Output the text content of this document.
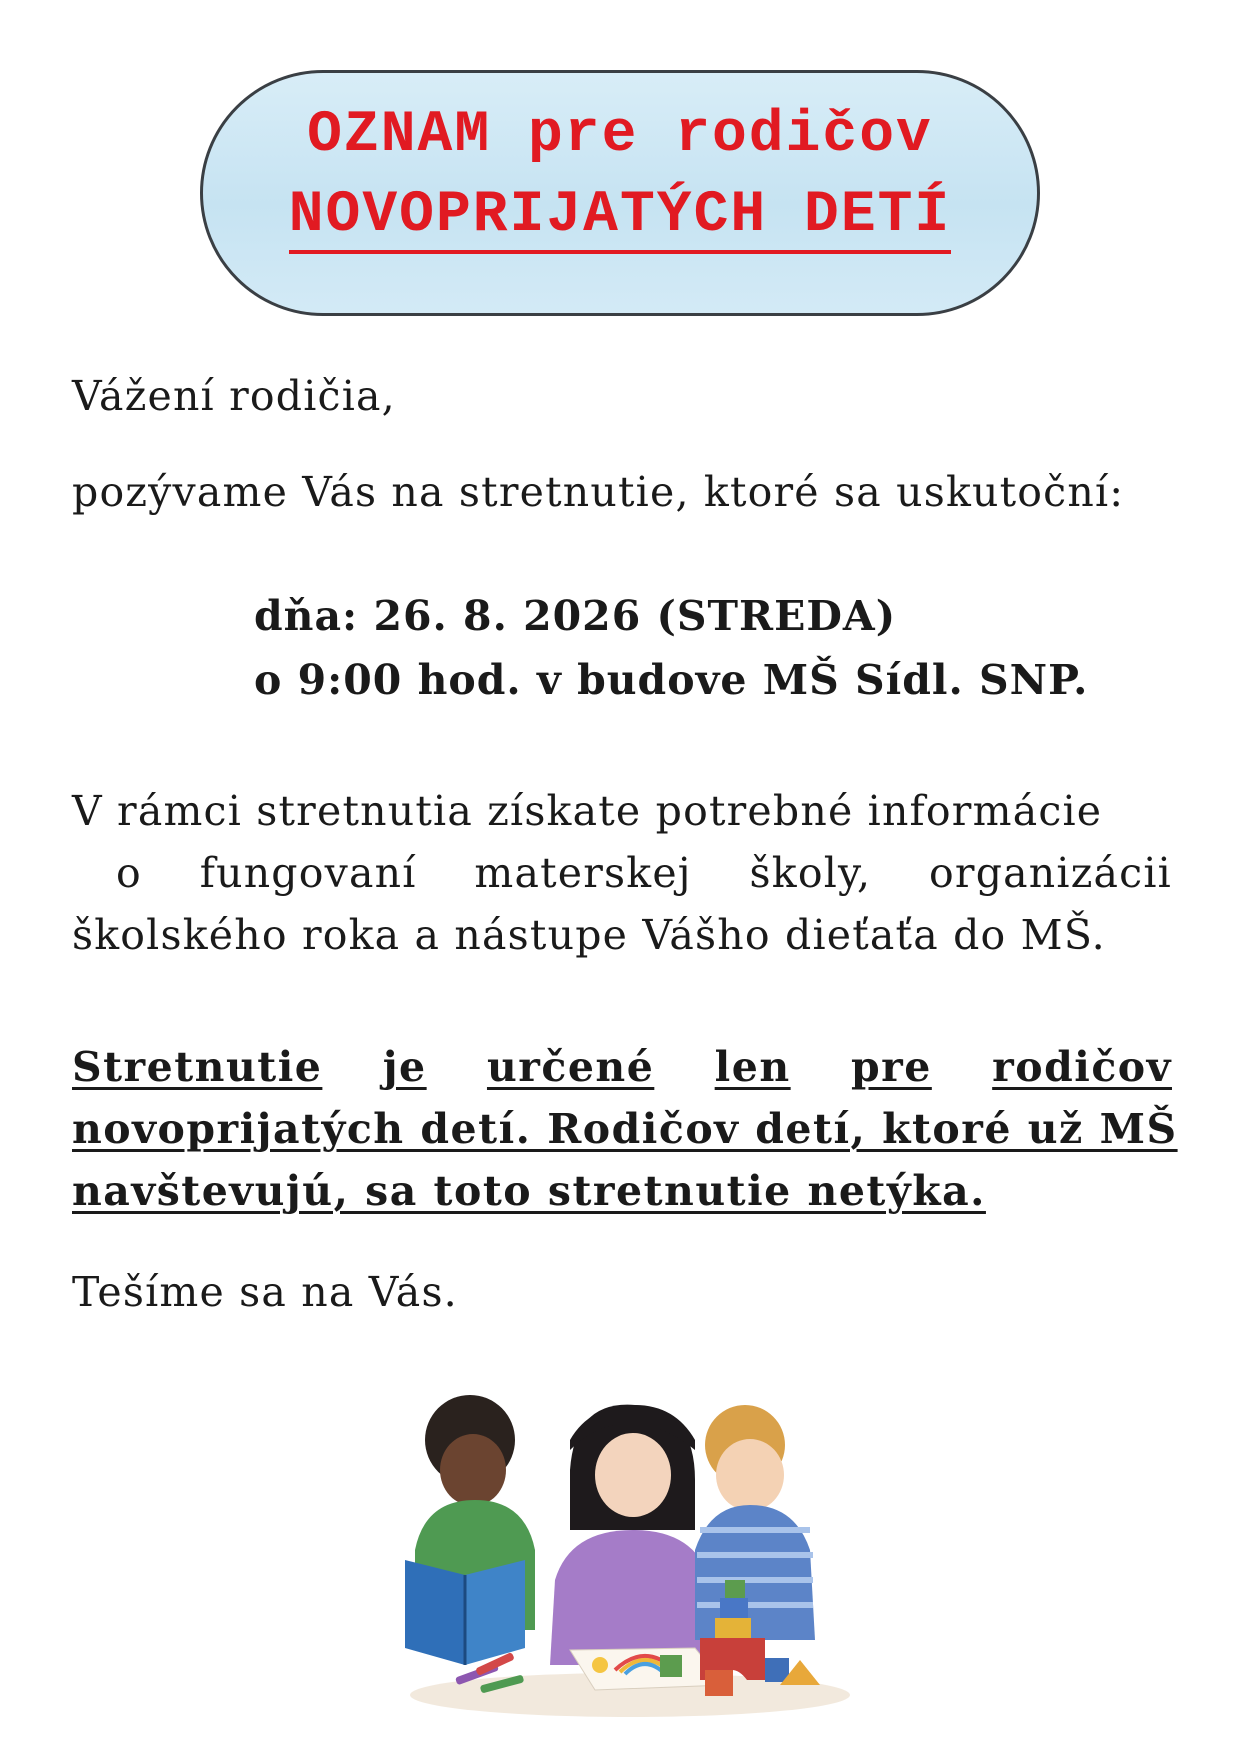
OZNAM pre rodičov
NOVOPRIJATÝCH DETÍ
Vážení rodičia,
pozývame Vás na stretnutie, ktoré sa uskutoční:
dňa: 26. 8. 2026 (STREDA)
o 9:00 hod. v budove MŠ Sídl. SNP.
V rámci stretnutia získate potrebné informácie
o fungovaní materskej školy, organizácii
školského roka a nástupe Vášho dieťaťa do MŠ.
Stretnutie je určené len pre rodičov
novoprijatých detí. Rodičov detí, ktoré už MŠ
navštevujú, sa toto stretnutie netýka.
Tešíme sa na Vás.
